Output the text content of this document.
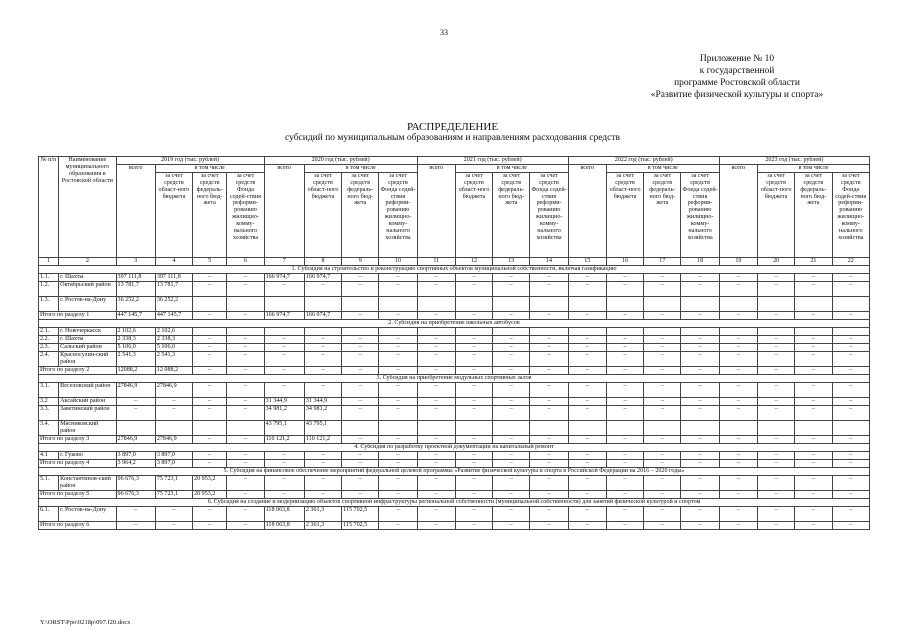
33
Приложение № 10
к государственной
программе Ростовской области
«Развитие физической культуры и спорта»
РАСПРЕДЕЛЕНИЕ
субсидий по муниципальным образованиям и направлениям расходования средств
№ п/п	Наименование муниципального образования в Ростовской области	2019 год (тыс. рублей)				2020 год (тыс. рублей)				2021 год (тыс. рублей)				2022 год (тыс. рублей)				2023 год (тыс. рублей)			
		всего	в том числе			всего	в том числе			всего	в том числе			всего	в том числе			всего	в том числе		
			за счет средств област-ного бюджета	за счет средств федераль-ного бюд-жета	за счет средств Фонда содей-ствия реформи-рованию жилищно-комму-нального хозяйства		за счет средств област-ного бюджета	за счет средств федераль-ного бюд-жета	за счет средств Фонда содей-ствия реформи-рованию жилищно-комму-нального хозяйства		за счет средств област-ного бюджета	за счет средств федераль-ного бюд-жета	за счет средств Фонда содей-ствия реформи-рованию жилищно-комму-нального хозяйства		за счет средств област-ного бюджета	за счет средств федераль-ного бюд-жета	за счет средств Фонда содей-ствия реформи-рованию жилищно-комму-нального хозяйства		за счет средств област-ного бюджета	за счет средств федераль-ного бюд-жета	за счет средств Фонда содей-ствия реформи-рованию жилищно-комму-нального хозяйства
1	2	3	4	5	6	7	8	9	10	11	12	13	14	15	16	17	18	19	20	21	22
1. Субсидия на строительство и реконструкцию спортивных объектов муниципальной собственности, включая газификацию																					
1.1.	г. Шахты	397 111,8	397 111,8	–	–	166 974,7	166 974,7	–	–	–	–	–	–	–	–	–	–	–	–	–	–
1.2.	Октябрьский район	13 781,7	13 781,7	–	–	–	–	–	–	–	–	–	–	–	–	–	–	–	–	–	–
1.3.	г. Ростов-на-Дону	36 252,2	36 252,2																		
Итого по разделу 1		447 145,7	447 145,7	–	–	166 974,7	166 974,7	–	–	–	–	–	–	–	–	–	–	–	–	–	–
2. Субсидия на приобретение школьных автобусов																					
2.1.	г. Новочеркасск	2 102,6	2 102,6																		
2.2.	г. Шахты	2 338,3	2 338,3	–	–	–	–	–	–	–	–	–	–	–	–	–	–	–	–	–	–
2.3.	Сальский район	5 106,0	5 106,0	–	–	–	–	–	–	–	–	–	–	–	–	–	–	–	–	–	–
2.4.	Красносулин-ский район	2 541,3	2 541,3	–	–	–	–	–	–	–	–	–	–	–	–	–	–	–	–	–	–
Итого по разделу 2		12088,2	12 088,2	–	–	–	–	–	–	–	–	–	–	–	–	–	–	–	–	–	–
3. Субсидия на приобретение модульных спортивных залов																					
3.1.	Веселовский район	27846,9	27846,9	–	–	–	–	–	–	–	–	–	–	–	–	–	–	–	–	–	–
3.2	Аксайский район	–	–	–	–	31 344,9	31 344,9	–	–	–	–	–	–	–	–	–	–	–	–	–	–
3.3.	Заветинский район	–	–	–	–	34 981,2	34 981,2	–	–	–	–	–	–	–	–	–	–	–	–	–	–
3.4.	Мясниковский район					43 795,1	43 795,1														
Итого по разделу 3		27846,9	27846,9	–	–	110 121,2	110 121,2	–	–	–	–	–	–	–	–	–	–	–	–	–	–
4. Субсидия по разработку проектной документации на капитальный ремонт																					
4.1	г. Гуково	3 897,0	3 897,0	–	–	–	–	–	–	–	–	–	–	–	–	–	–	–	–	–	–
Итого по разделу 4		3 964,2	3 897,0	–	–	–	–	–	–	–	–	–	–	–	–	–	–	–	–	–	–
5. Субсидия на финансовое обеспечение мероприятий федеральной целевой программы «Развитие физической культуры и спорта в Российской Федерации на 2016 – 2020 годы»																					
5.1.	Константинов-ский район	96 676,3	75 723,1	20 953,2	–	–	–	–	–	–	–	–	–	–	–	–	–	–	–	–	–
Итого по разделу 5		96 676,3	75 723,1	20 953,2	–	–	–	–	–	–	–	–	–	–	–	–	–	–	–	–	–
6. Субсидия на создание и модернизацию объектов спортивной инфраструктуры региональной собственности (муниципальной собственности) для занятий физической культурой и спортом																					
6.1.	г. Ростов-на-Дону	–	–	–	–	118 063,8	2 361,3	115 702,5	–	–	–	–	–	–	–	–	–	–	–	–	–
Итого по разделу 6		–	–	–	–	118 063,8	2 361,3	115 702,5	–	–	–	–	–	–	–	–	–	–	–	–	–
Y:\ORST\Ppo\0218p\097.f20.docx
